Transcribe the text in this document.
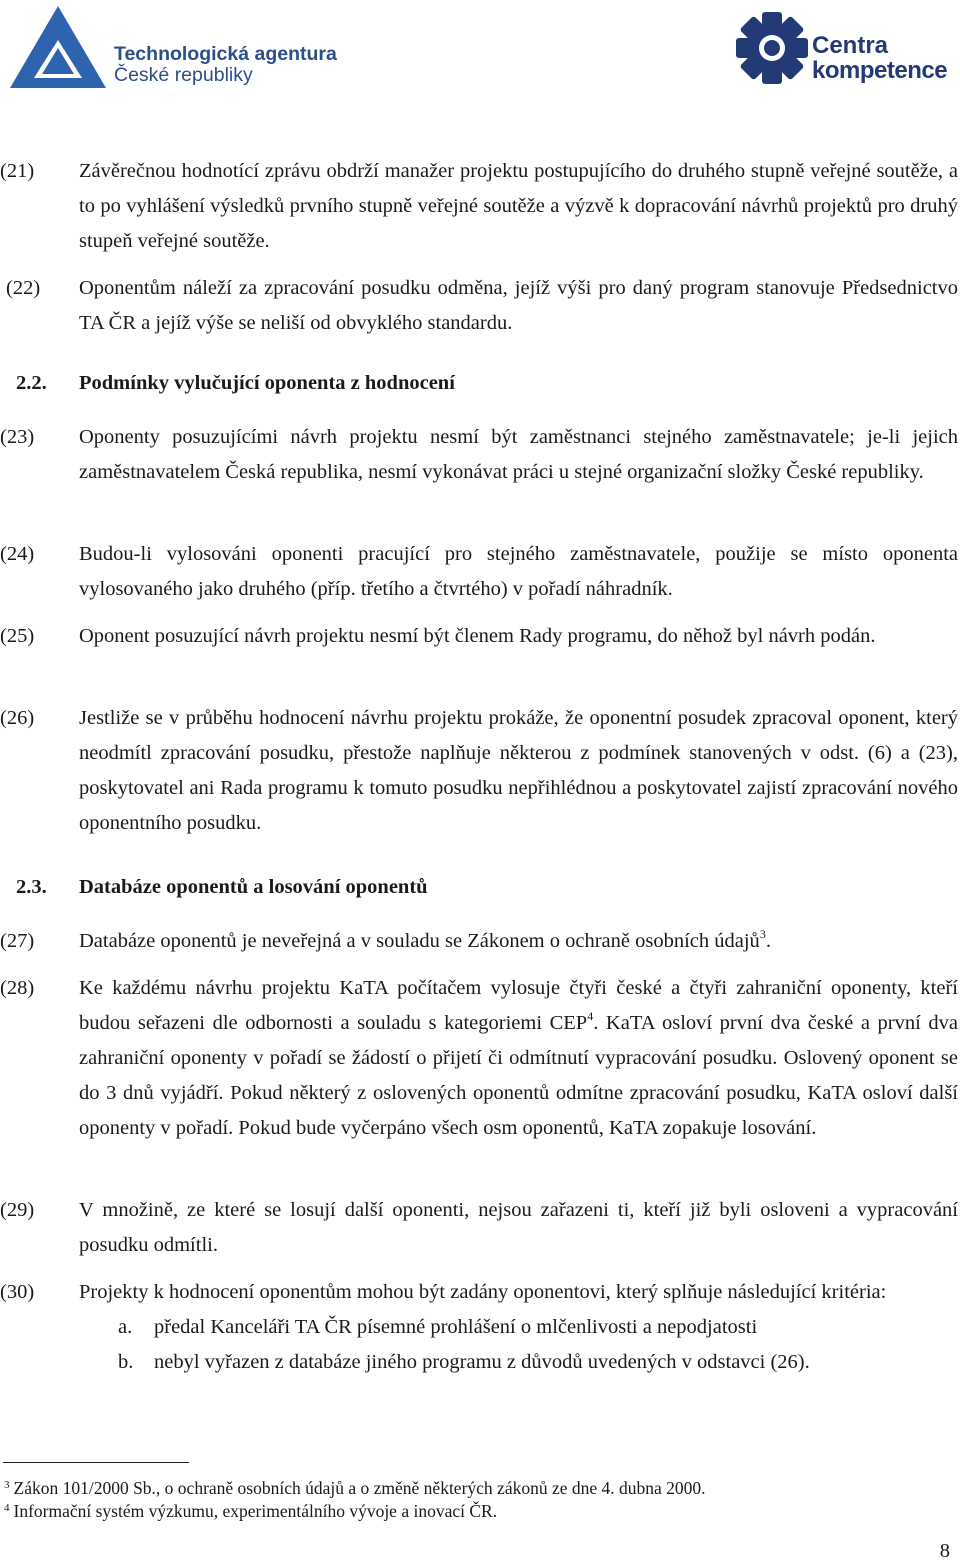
Technologická agentura
České republiky
Centra
kompetence
(21) Závěrečnou hodnotící zprávu obdrží manažer projektu postupujícího do druhého stupně veřejné soutěže, a to po vyhlášení výsledků prvního stupně veřejné soutěže a výzvě k dopracování návrhů projektů pro druhý stupeň veřejné soutěže.
(22) Oponentům náleží za zpracování posudku odměna, jejíž výši pro daný program stanovuje Předsednictvo TA ČR a jejíž výše se neliší od obvyklého standardu.
2.2. Podmínky vylučující oponenta z hodnocení
(23) Oponenty posuzujícími návrh projektu nesmí být zaměstnanci stejného zaměstnavatele; je-li jejich zaměstnavatelem Česká republika, nesmí vykonávat práci u stejné organizační složky České republiky.
(24) Budou-li vylosováni oponenti pracující pro stejného zaměstnavatele, použije se místo oponenta vylosovaného jako druhého (příp. třetího a čtvrtého) v pořadí náhradník.
(25) Oponent posuzující návrh projektu nesmí být členem Rady programu, do něhož byl návrh podán.
(26) Jestliže se v průběhu hodnocení návrhu projektu prokáže, že oponentní posudek zpracoval oponent, který neodmítl zpracování posudku, přestože naplňuje některou z podmínek stanovených v odst. (6) a (23), poskytovatel ani Rada programu k tomuto posudku nepřihlédnou a poskytovatel zajistí zpracování nového oponentního posudku.
2.3. Databáze oponentů a losování oponentů
(27) Databáze oponentů je neveřejná a v souladu se Zákonem o ochraně osobních údajů$^3$.
(28) Ke každému návrhu projektu KaTA počítačem vylosuje čtyři české a čtyři zahraniční oponenty, kteří budou seřazeni dle odbornosti a souladu s kategoriemi CEP$^4$. KaTA osloví první dva české a první dva zahraniční oponenty v pořadí se žádostí o přijetí či odmítnutí vypracování posudku. Oslovený oponent se do 3 dnů vyjádří. Pokud některý z oslovených oponentů odmítne zpracování posudku, KaTA osloví další oponenty v pořadí. Pokud bude vyčerpáno všech osm oponentů, KaTA zopakuje losování.
(29) V množině, ze které se losují další oponenti, nejsou zařazeni ti, kteří již byli osloveni a vypracování posudku odmítli.
(30) Projekty k hodnocení oponentům mohou být zadány oponentovi, který splňuje následující kritéria:
a. předal Kanceláři TA ČR písemné prohlášení o mlčenlivosti a nepodjatosti
b. nebyl vyřazen z databáze jiného programu z důvodů uvedených v odstavci (26).
$^3$ Zákon 101/2000 Sb., o ochraně osobních údajů a o změně některých zákonů ze dne 4. dubna 2000.
$^4$ Informační systém výzkumu, experimentálního vývoje a inovací ČR.
8
